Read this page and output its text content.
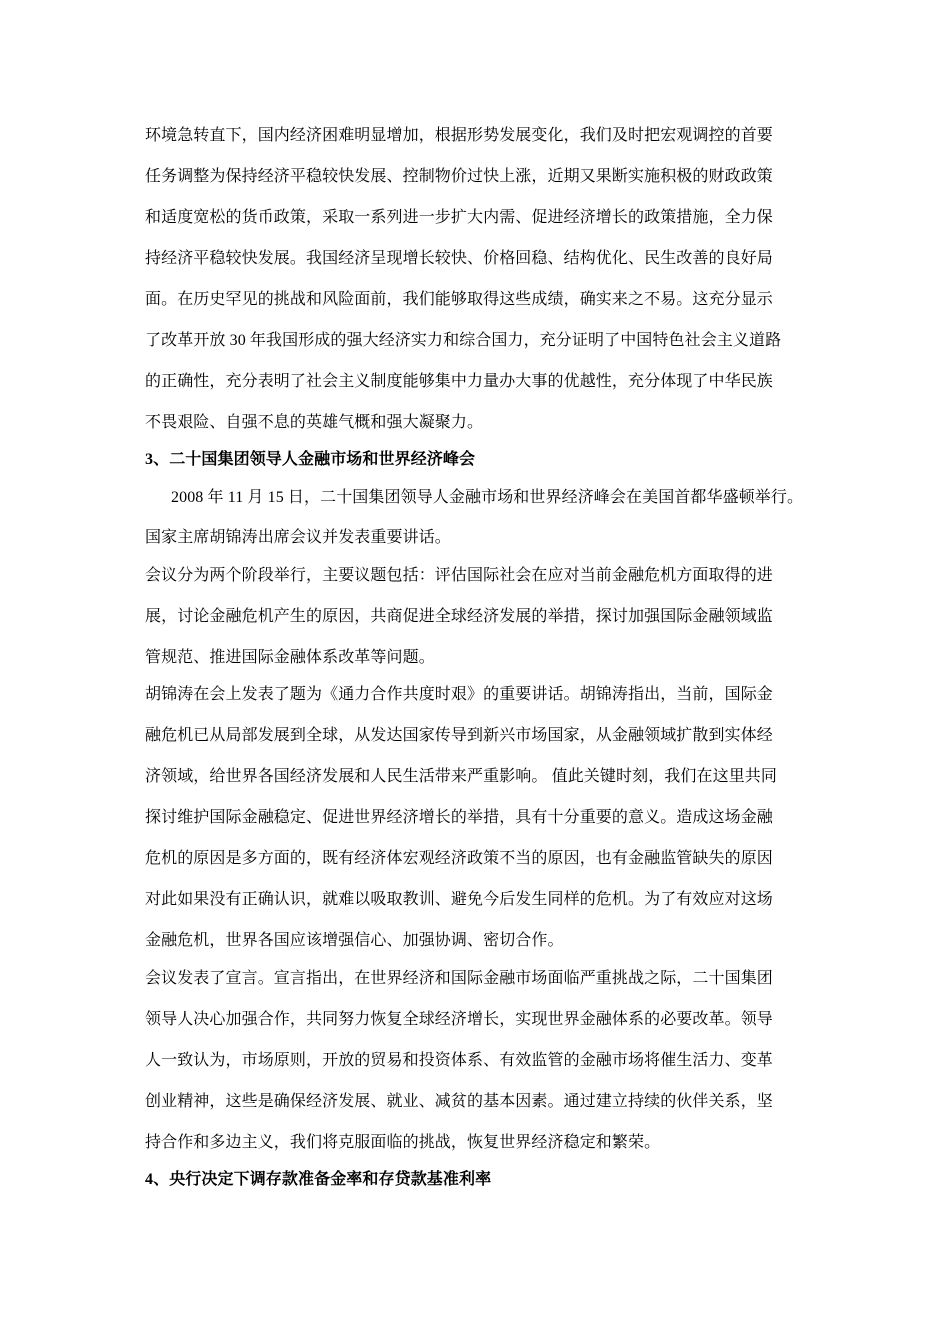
环境急转直下，国内经济困难明显增加，根据形势发展变化，我们及时把宏观调控的首要
任务调整为保持经济平稳较快发展、控制物价过快上涨，近期又果断实施积极的财政政策
和适度宽松的货币政策，采取一系列进一步扩大内需、促进经济增长的政策措施，全力保
持经济平稳较快发展。我国经济呈现增长较快、价格回稳、结构优化、民生改善的良好局
面。在历史罕见的挑战和风险面前，我们能够取得这些成绩，确实来之不易。这充分显示
了改革开放 30 年我国形成的强大经济实力和综合国力，充分证明了中国特色社会主义道路
的正确性，充分表明了社会主义制度能够集中力量办大事的优越性，充分体现了中华民族
不畏艰险、自强不息的英雄气概和强大凝聚力。
3、二十国集团领导人金融市场和世界经济峰会
2008 年 11 月 15 日，二十国集团领导人金融市场和世界经济峰会在美国首都华盛顿举行。
国家主席胡锦涛出席会议并发表重要讲话。
会议分为两个阶段举行，主要议题包括：评估国际社会在应对当前金融危机方面取得的进
展，讨论金融危机产生的原因，共商促进全球经济发展的举措，探讨加强国际金融领域监
管规范、推进国际金融体系改革等问题。
胡锦涛在会上发表了题为《通力合作共度时艰》的重要讲话。胡锦涛指出，当前，国际金
融危机已从局部发展到全球，从发达国家传导到新兴市场国家，从金融领域扩散到实体经
济领域，给世界各国经济发展和人民生活带来严重影响。 值此关键时刻，我们在这里共同
探讨维护国际金融稳定、促进世界经济增长的举措，具有十分重要的意义。造成这场金融
危机的原因是多方面的，既有经济体宏观经济政策不当的原因，也有金融监管缺失的原因
对此如果没有正确认识，就难以吸取教训、避免今后发生同样的危机。为了有效应对这场
金融危机，世界各国应该增强信心、加强协调、密切合作。
会议发表了宣言。宣言指出，在世界经济和国际金融市场面临严重挑战之际，二十国集团
领导人决心加强合作，共同努力恢复全球经济增长，实现世界金融体系的必要改革。领导
人一致认为，市场原则，开放的贸易和投资体系、有效监管的金融市场将催生活力、变革
创业精神，这些是确保经济发展、就业、减贫的基本因素。通过建立持续的伙伴关系，坚
持合作和多边主义，我们将克服面临的挑战，恢复世界经济稳定和繁荣。
4、央行决定下调存款准备金率和存贷款基准利率
